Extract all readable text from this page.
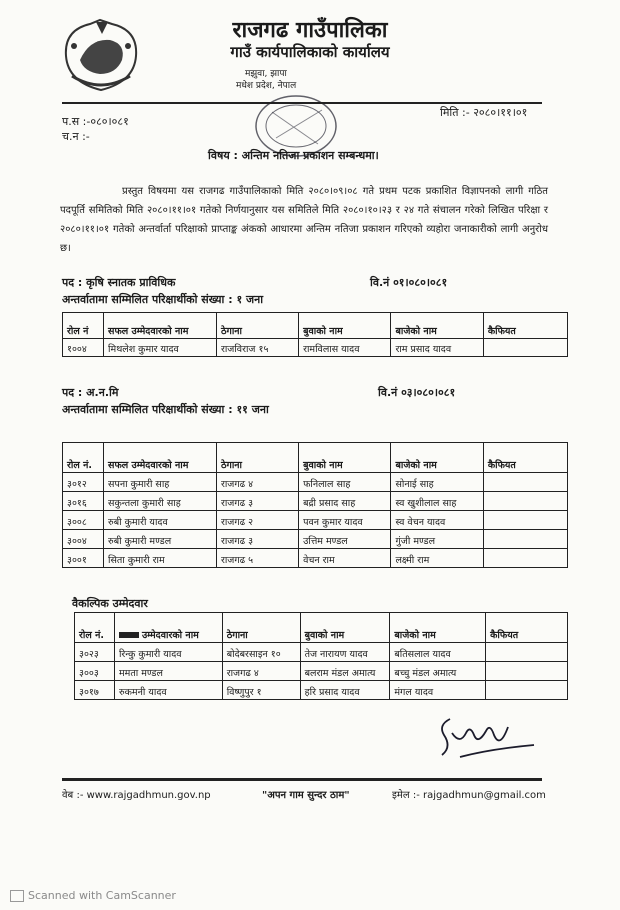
राजगढ गाउँपालिका
गाउँ कार्यपालिकाको कार्यालय
मझुवा, झापा
मधेश प्रदेश, नेपाल
प.स :-०८०।०८१
च.न :-
मिति :- २०८०।११।०१
विषय : अन्तिम नतिजा प्रकाशन सम्बन्धमा।
प्रस्तुत विषयमा यस राजगढ गाउँपालिकाको मिति २०८०।०९।०८ गते प्रथम पटक प्रकाशित विज्ञापनको लागी गठित पदपूर्ति समितिको मिति २०८०।११।०१ गतेको निर्णयानुसार यस समितिले मिति २०८०।१०।२३ र २४ गते संचालन गरेको लिखित परिक्षा र २०८०।११।०१ गतेको अन्तर्वार्ता परिक्षाको प्राप्ताङ्क अंकको आधारमा अन्तिम नतिजा प्रकाशन गरिएको व्यहोरा जनाकारीको लागी अनुरोध छ।
पद : कृषि स्नातक प्राविधिक	वि.नं ०१।०८०।०८१
अन्तर्वातामा सम्मिलित परिक्षार्थीको संख्या : १ जना
रोल नं	सफल उम्मेदवारको नाम	ठेगाना	बुवाको नाम	बाजेको नाम	कैफियत
१००४	मिथलेश कुमार यादव	राजविराज १५	रामविलास यादव	राम प्रसाद यादव	
पद : अ.न.मि	वि.नं ०३।०८०।०८१
अन्तर्वातामा सम्मिलित परिक्षार्थीको संख्या : ११ जना
रोल नं.	सफल उम्मेदवारको नाम	ठेगाना	बुवाको नाम	बाजेको नाम	कैफियत
३०१२	सपना कुमारी साह	राजगढ ४	फनिलाल साह	सोनाई साह	
३०१६	सकुन्तला कुमारी साह	राजगढ ३	बद्री प्रसाद साह	स्व खुशीलाल साह	
३००८	रुबी कुमारी यादव	राजगढ २	पवन कुमार यादव	स्व वेचन यादव	
३००४	रुबी कुमारी मण्डल	राजगढ ३	उत्तिम मण्डल	गुंजी मण्डल	
३००१	सिता कुमारी राम	राजगढ ५	वेचन राम	लक्ष्मी राम	
वैकल्पिक उम्मेदवार
रोल नं.	उम्मेदवारको नाम	ठेगाना	बुवाको नाम	बाजेको नाम	कैफियत
३०२३	रिन्कु कुमारी यादव	बोदेबरसाइन १०	तेज नारायण यादव	बतिसलाल यादव	
३००३	ममता मण्डल	राजगढ ४	बलराम मंडल अमात्य	बच्चु मंडल अमात्य	
३०१७	रुकमनी यादव	विष्णुपुर १	हरि प्रसाद यादव	मंगल यादव	
वेब :- www.rajgadhmun.gov.np	"अपन गाम सुन्दर ठाम"	इमेल :- rajgadhmun@gmail.com
Scanned with CamScanner
